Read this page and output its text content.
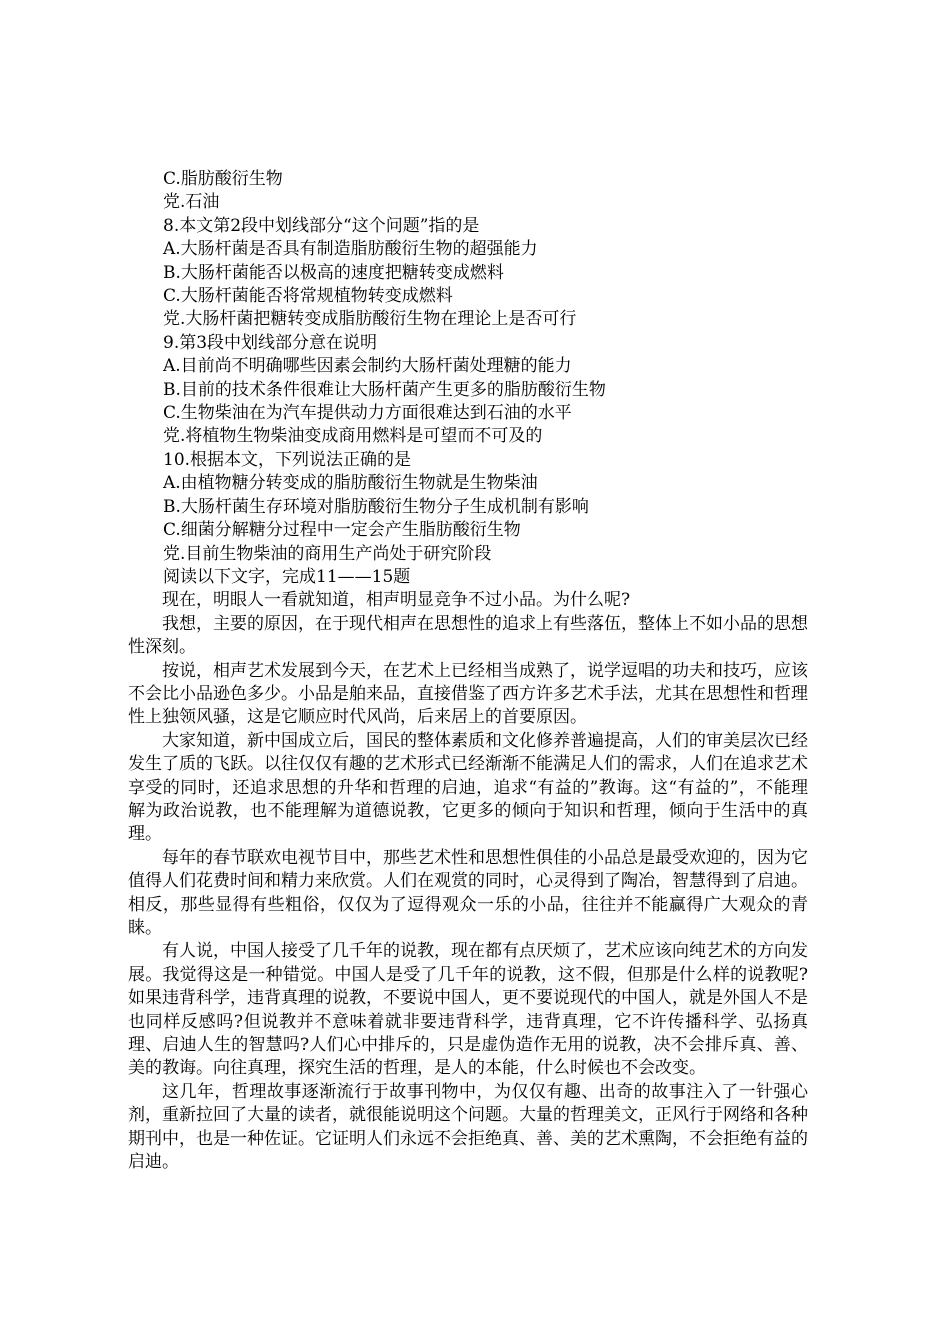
C.脂肪酸衍生物

党.石油

8.本文第2段中划线部分“这个问题”指的是

A.大肠杆菌是否具有制造脂肪酸衍生物的超强能力

B.大肠杆菌能否以极高的速度把糖转变成燃料

C.大肠杆菌能否将常规植物转变成燃料

党.大肠杆菌把糖转变成脂肪酸衍生物在理论上是否可行

9.第3段中划线部分意在说明

A.目前尚不明确哪些因素会制约大肠杆菌处理糖的能力

B.目前的技术条件很难让大肠杆菌产生更多的脂肪酸衍生物

C.生物柴油在为汽车提供动力方面很难达到石油的水平

党.将植物生物柴油变成商用燃料是可望而不可及的

10.根据本文，下列说法正确的是

A.由植物糖分转变成的脂肪酸衍生物就是生物柴油

B.大肠杆菌生存环境对脂肪酸衍生物分子生成机制有影响

C.细菌分解糖分过程中一定会产生脂肪酸衍生物

党.目前生物柴油的商用生产尚处于研究阶段

阅读以下文字，完成11——15题

现在，明眼人一看就知道，相声明显竞争不过小品。为什么呢?

我想，主要的原因，在于现代相声在思想性的追求上有些落伍，整体上不如小品的思想性深刻。

按说，相声艺术发展到今天，在艺术上已经相当成熟了，说学逗唱的功夫和技巧，应该不会比小品逊色多少。小品是舶来品，直接借鉴了西方许多艺术手法，尤其在思想性和哲理性上独领风骚，这是它顺应时代风尚，后来居上的首要原因。

大家知道，新中国成立后，国民的整体素质和文化修养普遍提高，人们的审美层次已经发生了质的飞跃。以往仅仅有趣的艺术形式已经渐渐不能满足人们的需求，人们在追求艺术享受的同时，还追求思想的升华和哲理的启迪，追求“有益的”教诲。这“有益的”，不能理解为政治说教，也不能理解为道德说教，它更多的倾向于知识和哲理，倾向于生活中的真理。

每年的春节联欢电视节目中，那些艺术性和思想性俱佳的小品总是最受欢迎的，因为它值得人们花费时间和精力来欣赏。人们在观赏的同时，心灵得到了陶冶，智慧得到了启迪。相反，那些显得有些粗俗，仅仅为了逗得观众一乐的小品，往往并不能赢得广大观众的青睐。

有人说，中国人接受了几千年的说教，现在都有点厌烦了，艺术应该向纯艺术的方向发展。我觉得这是一种错觉。中国人是受了几千年的说教，这不假，但那是什么样的说教呢?如果违背科学，违背真理的说教，不要说中国人，更不要说现代的中国人，就是外国人不是也同样反感吗?但说教并不意味着就非要违背科学，违背真理，它不许传播科学、弘扬真理、启迪人生的智慧吗?人们心中排斥的，只是虚伪造作无用的说教，决不会排斥真、善、美的教诲。向往真理，探究生活的哲理，是人的本能，什么时候也不会改变。

这几年，哲理故事逐渐流行于故事刊物中，为仅仅有趣、出奇的故事注入了一针强心剂，重新拉回了大量的读者，就很能说明这个问题。大量的哲理美文，正风行于网络和各种期刊中，也是一种佐证。它证明人们永远不会拒绝真、善、美的艺术熏陶，不会拒绝有益的启迪。
